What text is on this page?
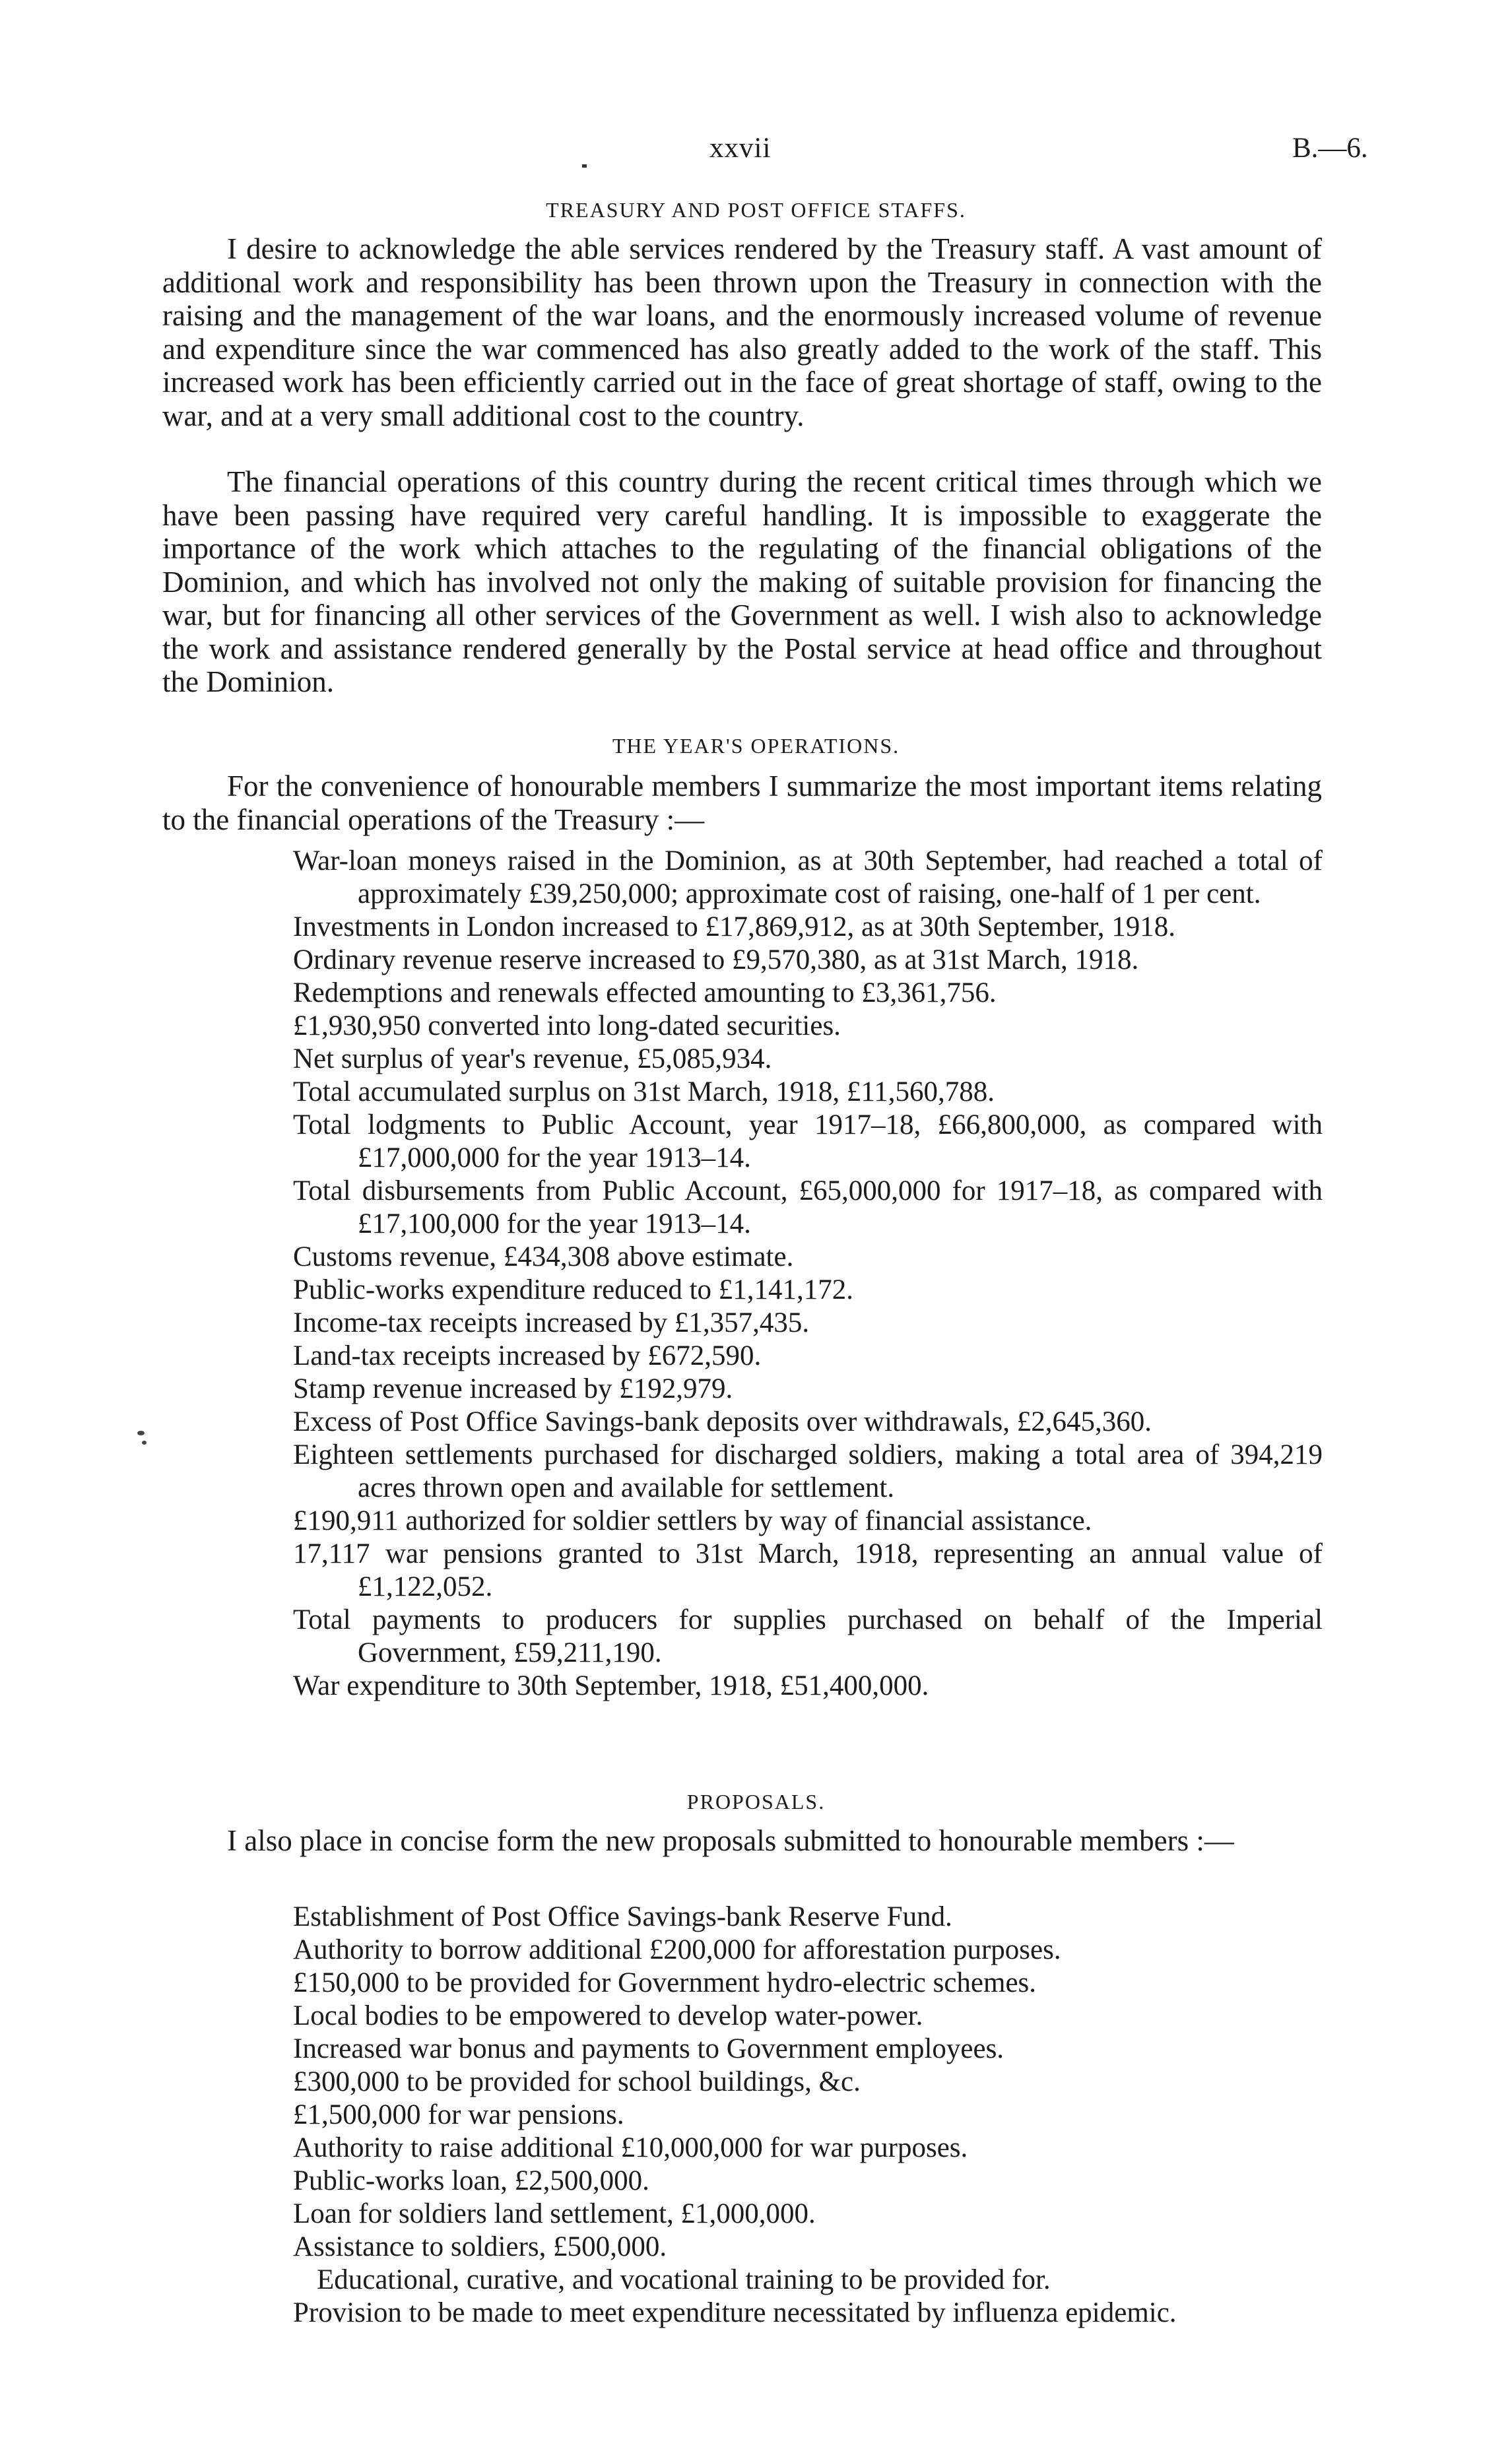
xxvii	B.—6.
TREASURY AND POST OFFICE STAFFS.

I desire to acknowledge the able services rendered by the Treasury staff. A vast amount of additional work and responsibility has been thrown upon the Treasury in connection with the raising and the management of the war loans, and the enormously increased volume of revenue and expenditure since the war commenced has also greatly added to the work of the staff. This increased work has been efficiently carried out in the face of great shortage of staff, owing to the war, and at a very small additional cost to the country.

The financial operations of this country during the recent critical times through which we have been passing have required very careful handling. It is impossible to exaggerate the importance of the work which attaches to the regulating of the financial obligations of the Dominion, and which has involved not only the making of suitable provision for financing the war, but for financing all other services of the Government as well. I wish also to acknowledge the work and assistance rendered generally by the Postal service at head office and throughout the Dominion.

THE YEAR'S OPERATIONS.

For the convenience of honourable members I summarize the most important items relating to the financial operations of the Treasury :—

War-loan moneys raised in the Dominion, as at 30th September, had reached a total of approximately £39,250,000; approximate cost of raising, one-half of 1 per cent.
Investments in London increased to £17,869,912, as at 30th September, 1918.
Ordinary revenue reserve increased to £9,570,380, as at 31st March, 1918.
Redemptions and renewals effected amounting to £3,361,756.
£1,930,950 converted into long-dated securities.
Net surplus of year's revenue, £5,085,934.
Total accumulated surplus on 31st March, 1918, £11,560,788.
Total lodgments to Public Account, year 1917–18, £66,800,000, as compared with £17,000,000 for the year 1913–14.
Total disbursements from Public Account, £65,000,000 for 1917–18, as compared with £17,100,000 for the year 1913–14.
Customs revenue, £434,308 above estimate.
Public-works expenditure reduced to £1,141,172.
Income-tax receipts increased by £1,357,435.
Land-tax receipts increased by £672,590.
Stamp revenue increased by £192,979.
Excess of Post Office Savings-bank deposits over withdrawals, £2,645,360.
Eighteen settlements purchased for discharged soldiers, making a total area of 394,219 acres thrown open and available for settlement.
£190,911 authorized for soldier settlers by way of financial assistance.
17,117 war pensions granted to 31st March, 1918, representing an annual value of £1,122,052.
Total payments to producers for supplies purchased on behalf of the Imperial Government, £59,211,190.
War expenditure to 30th September, 1918, £51,400,000.
PROPOSALS.

I also place in concise form the new proposals submitted to honourable members :—

Establishment of Post Office Savings-bank Reserve Fund.
Authority to borrow additional £200,000 for afforestation purposes.
£150,000 to be provided for Government hydro-electric schemes.
Local bodies to be empowered to develop water-power.
Increased war bonus and payments to Government employees.
£300,000 to be provided for school buildings, &c.
£1,500,000 for war pensions.
Authority to raise additional £10,000,000 for war purposes.
Public-works loan, £2,500,000.
Loan for soldiers land settlement, £1,000,000.
Assistance to soldiers, £500,000.
Educational, curative, and vocational training to be provided for.
Provision to be made to meet expenditure necessitated by influenza epidemic.
